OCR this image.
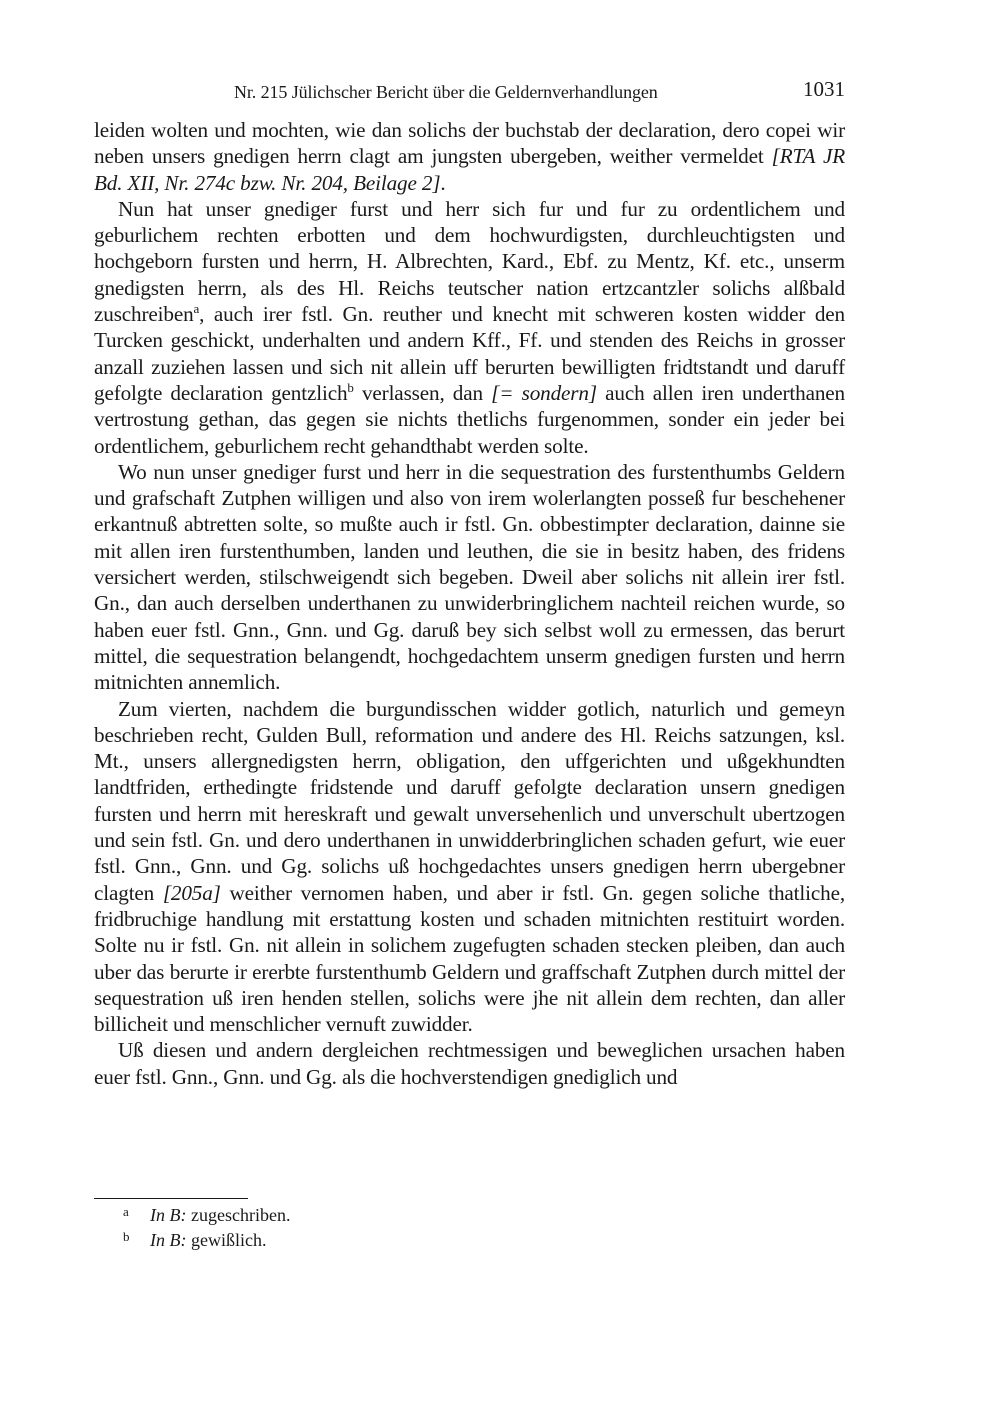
Nr. 215 Jülichscher Bericht über die Geldernverhandlungen	1031

leiden wolten und mochten, wie dan solichs der buchstab der declaration, dero copei wir neben unsers gnedigen herrn clagt am jungsten ubergeben, weither vermeldet [RTA JR Bd. XII, Nr. 274c bzw. Nr. 204, Beilage 2].

Nun hat unser gnediger furst und herr sich fur und fur zu ordentlichem und geburlichem rechten erbotten und dem hochwurdigsten, durchleuchtigsten und hochgeborn fursten und herrn, H. Albrechten, Kard., Ebf. zu Mentz, Kf. etc., unserm gnedigsten herrn, als des Hl. Reichs teutscher nation ertzcantzler solichs alßbald zuschreiben$^a$, auch irer fstl. Gn. reuther und knecht mit schweren kosten widder den Turcken geschickt, underhalten und andern Kff., Ff. und stenden des Reichs in grosser anzall zuziehen lassen und sich nit allein uff berurten bewilligten fridtstandt und daruff gefolgte declaration gentzlich$^b$ verlassen, dan [= sondern] auch allen iren underthanen vertrostung gethan, das gegen sie nichts thetlichs furgenommen, sonder ein jeder bei ordentlichem, geburlichem recht gehandthabt werden solte.

Wo nun unser gnediger furst und herr in die sequestration des furstenthumbs Geldern und grafschaft Zutphen willigen und also von irem wolerlangten posseß fur beschehener erkantnuß abtretten solte, so mußte auch ir fstl. Gn. obbestimpter declaration, dainne sie mit allen iren furstenthumben, landen und leuthen, die sie in besitz haben, des fridens versichert werden, stilschweigendt sich begeben. Dweil aber solichs nit allein irer fstl. Gn., dan auch derselben underthanen zu unwiderbringlichem nachteil reichen wurde, so haben euer fstl. Gnn., Gnn. und Gg. daruß bey sich selbst woll zu ermessen, das berurt mittel, die sequestration belangendt, hochgedachtem unserm gnedigen fursten und herrn mitnichten annemlich.

Zum vierten, nachdem die burgundisschen widder gotlich, naturlich und gemeyn beschrieben recht, Gulden Bull, reformation und andere des Hl. Reichs satzungen, ksl. Mt., unsers allergnedigsten herrn, obligation, den uffgerichten und ußgekhundten landtfriden, erthedingte fridstende und daruff gefolgte declaration unsern gnedigen fursten und herrn mit hereskraft und gewalt unversehenlich und unverschult ubertzogen und sein fstl. Gn. und dero underthanen in unwidderbringlichen schaden gefurt, wie euer fstl. Gnn., Gnn. und Gg. solichs uß hochgedachtes unsers gnedigen herrn ubergebner clagten [205a] weither vernomen haben, und aber ir fstl. Gn. gegen soliche thatliche, fridbruchige handlung mit erstattung kosten und schaden mitnichten restituirt worden. Solte nu ir fstl. Gn. nit allein in solichem zugefugten schaden stecken pleiben, dan auch uber das berurte ir ererbte furstenthumb Geldern und graffschaft Zutphen durch mittel der sequestration uß iren henden stellen, solichs were jhe nit allein dem rechten, dan aller billicheit und menschlicher vernuft zuwidder.

Uß diesen und andern dergleichen rechtmessigen und beweglichen ursachen haben euer fstl. Gnn., Gnn. und Gg. als die hochverstendigen gnediglich und

a In B: zugeschriben.
b In B: gewißlich.
